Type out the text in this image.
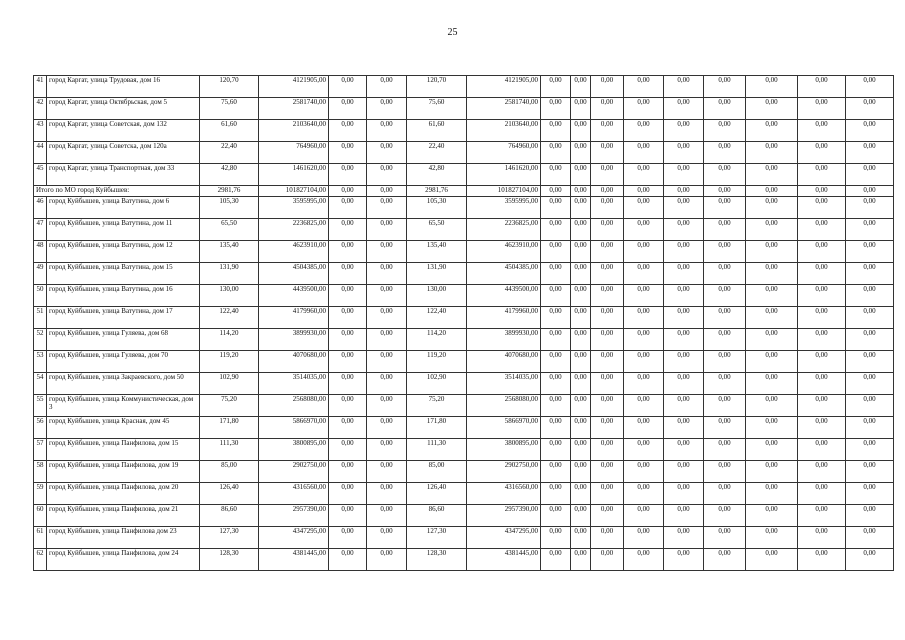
25
41	город Каргат, улица Трудовая, дом 16	120,70	4121905,00	0,00	0,00	120,70	4121905,00	0,00	0,00	0,00	0,00	0,00	0,00	0,00	0,00	0,00
42	город Каргат, улица Октябрьская, дом 5	75,60	2581740,00	0,00	0,00	75,60	2581740,00	0,00	0,00	0,00	0,00	0,00	0,00	0,00	0,00	0,00
43	город Каргат, улица Советская, дом 132	61,60	2103640,00	0,00	0,00	61,60	2103640,00	0,00	0,00	0,00	0,00	0,00	0,00	0,00	0,00	0,00
44	город Каргат, улица Советска, дом 120а	22,40	764960,00	0,00	0,00	22,40	764960,00	0,00	0,00	0,00	0,00	0,00	0,00	0,00	0,00	0,00
45	город Каргат, улица Транспортная, дом 33	42,80	1461620,00	0,00	0,00	42,80	1461620,00	0,00	0,00	0,00	0,00	0,00	0,00	0,00	0,00	0,00
Итого по МО город Куйбышев:		2981,76	101827104,00	0,00	0,00	2981,76	101827104,00	0,00	0,00	0,00	0,00	0,00	0,00	0,00	0,00	0,00
46	город Куйбышев, улица Ватутина, дом 6	105,30	3595995,00	0,00	0,00	105,30	3595995,00	0,00	0,00	0,00	0,00	0,00	0,00	0,00	0,00	0,00
47	город Куйбышев, улица Ватутина, дом 11	65,50	2236825,00	0,00	0,00	65,50	2236825,00	0,00	0,00	0,00	0,00	0,00	0,00	0,00	0,00	0,00
48	город Куйбышев, улица Ватутина, дом 12	135,40	4623910,00	0,00	0,00	135,40	4623910,00	0,00	0,00	0,00	0,00	0,00	0,00	0,00	0,00	0,00
49	город Куйбышев, улица Ватутина, дом 15	131,90	4504385,00	0,00	0,00	131,90	4504385,00	0,00	0,00	0,00	0,00	0,00	0,00	0,00	0,00	0,00
50	город Куйбышев, улица Ватутина, дом 16	130,00	4439500,00	0,00	0,00	130,00	4439500,00	0,00	0,00	0,00	0,00	0,00	0,00	0,00	0,00	0,00
51	город Куйбышев, улица Ватутина, дом 17	122,40	4179960,00	0,00	0,00	122,40	4179960,00	0,00	0,00	0,00	0,00	0,00	0,00	0,00	0,00	0,00
52	город Куйбышев, улица Гуляева, дом 68	114,20	3899930,00	0,00	0,00	114,20	3899930,00	0,00	0,00	0,00	0,00	0,00	0,00	0,00	0,00	0,00
53	город Куйбышев, улица Гуляева, дом 70	119,20	4070680,00	0,00	0,00	119,20	4070680,00	0,00	0,00	0,00	0,00	0,00	0,00	0,00	0,00	0,00
54	город Куйбышев, улица Закраевского, дом 50	102,90	3514035,00	0,00	0,00	102,90	3514035,00	0,00	0,00	0,00	0,00	0,00	0,00	0,00	0,00	0,00
55	город Куйбышев, улица Коммунистическая, дом 3	75,20	2568080,00	0,00	0,00	75,20	2568080,00	0,00	0,00	0,00	0,00	0,00	0,00	0,00	0,00	0,00
56	город Куйбышев, улица Красная, дом 45	171,80	5866970,00	0,00	0,00	171,80	5866970,00	0,00	0,00	0,00	0,00	0,00	0,00	0,00	0,00	0,00
57	город Куйбышев, улица Панфилова, дом 15	111,30	3800895,00	0,00	0,00	111,30	3800895,00	0,00	0,00	0,00	0,00	0,00	0,00	0,00	0,00	0,00
58	город Куйбышев, улица Панфилова, дом 19	85,00	2902750,00	0,00	0,00	85,00	2902750,00	0,00	0,00	0,00	0,00	0,00	0,00	0,00	0,00	0,00
59	город Куйбышев, улица Панфилова, дом 20	126,40	4316560,00	0,00	0,00	126,40	4316560,00	0,00	0,00	0,00	0,00	0,00	0,00	0,00	0,00	0,00
60	город Куйбышев, улица Панфилова, дом 21	86,60	2957390,00	0,00	0,00	86,60	2957390,00	0,00	0,00	0,00	0,00	0,00	0,00	0,00	0,00	0,00
61	город Куйбышев, улица Панфилова дом 23	127,30	4347295,00	0,00	0,00	127,30	4347295,00	0,00	0,00	0,00	0,00	0,00	0,00	0,00	0,00	0,00
62	город Куйбышев, улица Панфилова, дом 24	128,30	4381445,00	0,00	0,00	128,30	4381445,00	0,00	0,00	0,00	0,00	0,00	0,00	0,00	0,00	0,00
